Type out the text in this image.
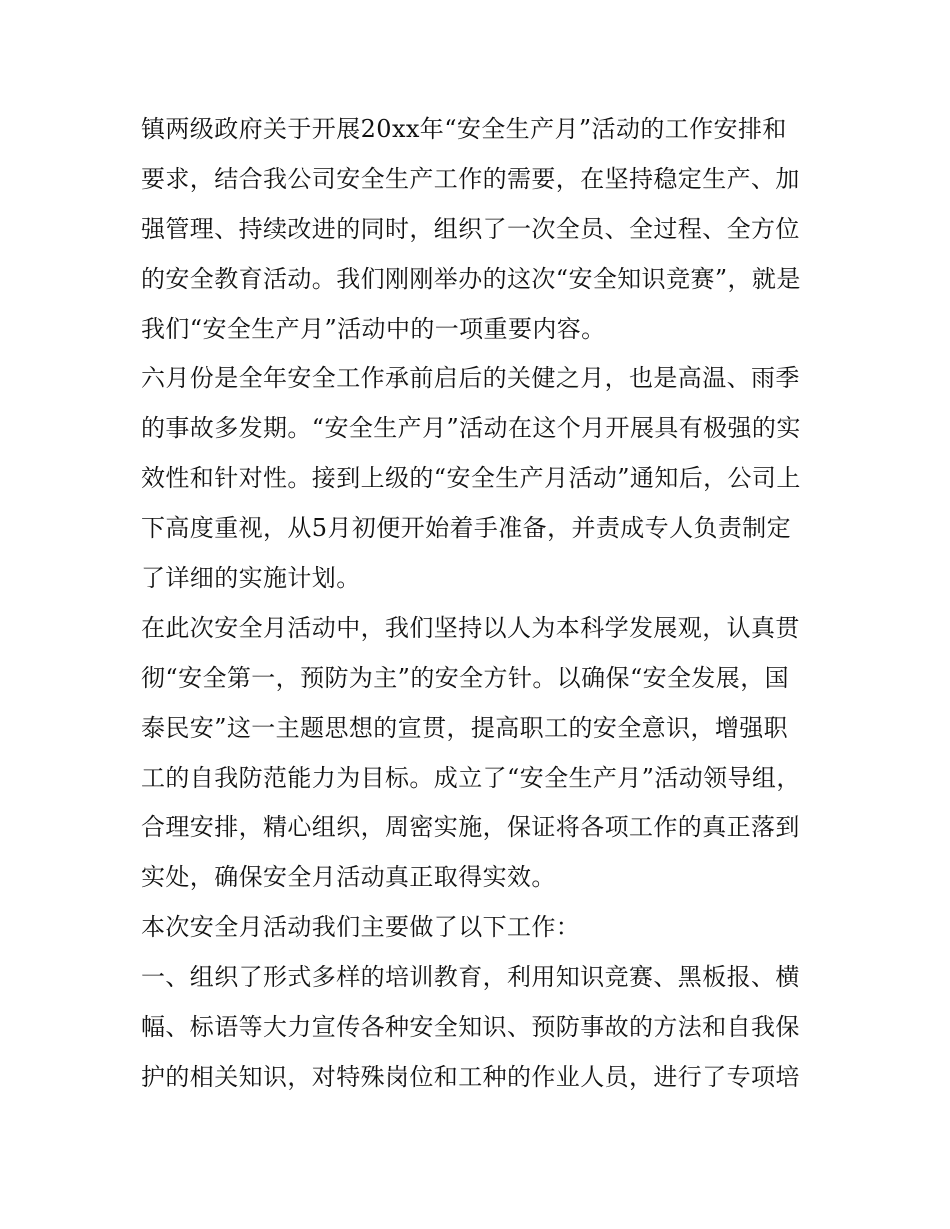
镇两级政府关于开展20xx年“安全生产月”活动的工作安排和
要求，结合我公司安全生产工作的需要，在坚持稳定生产、加
强管理、持续改进的同时，组织了一次全员、全过程、全方位
的安全教育活动。我们刚刚举办的这次“安全知识竞赛”，就是
我们“安全生产月”活动中的一项重要内容。
六月份是全年安全工作承前启后的关健之月，也是高温、雨季
的事故多发期。“安全生产月”活动在这个月开展具有极强的实
效性和针对性。接到上级的“安全生产月活动”通知后，公司上
下高度重视，从5月初便开始着手准备，并责成专人负责制定
了详细的实施计划。
在此次安全月活动中，我们坚持以人为本科学发展观，认真贯
彻“安全第一，预防为主”的安全方针。以确保“安全发展，国
泰民安”这一主题思想的宣贯，提高职工的安全意识，增强职
工的自我防范能力为目标。成立了“安全生产月”活动领导组，
合理安排，精心组织，周密实施，保证将各项工作的真正落到
实处，确保安全月活动真正取得实效。
本次安全月活动我们主要做了以下工作：
一、组织了形式多样的培训教育，利用知识竞赛、黑板报、横
幅、标语等大力宣传各种安全知识、预防事故的方法和自我保
护的相关知识，对特殊岗位和工种的作业人员，进行了专项培
